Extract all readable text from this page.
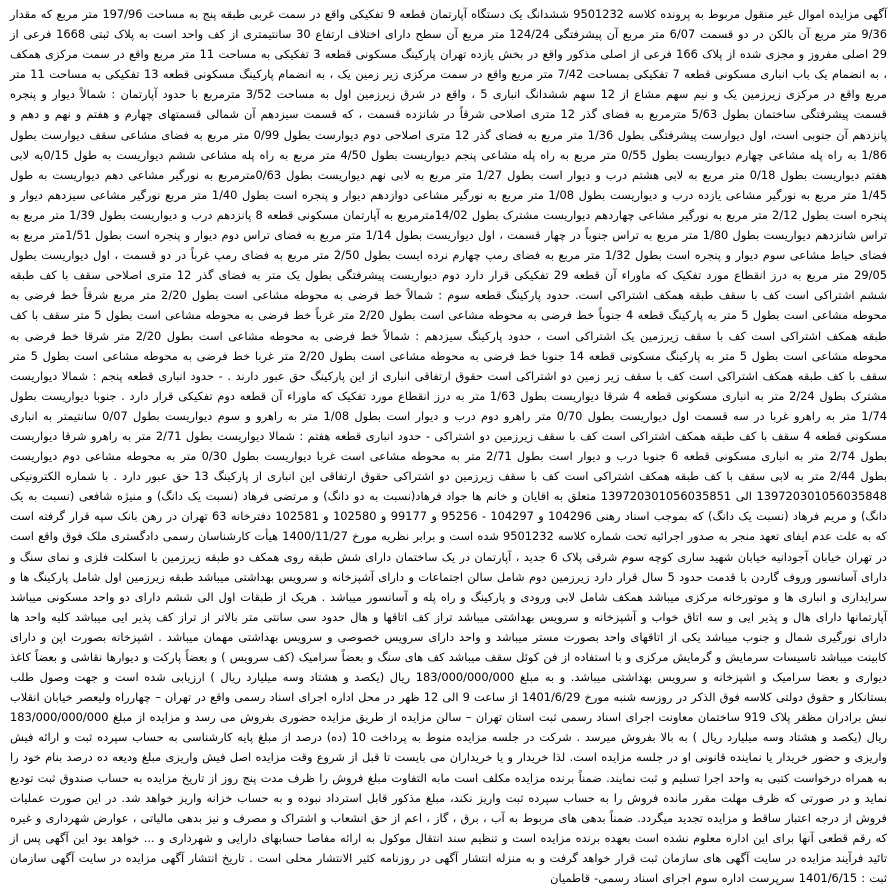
آگهی مزایده اموال غیر منقول مربوط به پرونده کلاسه 9501232 ششدانگ یک دستگاه آپارتمان قطعه 9 تفکیکی واقع در سمت غربی طبقه پنج به مساحت 197/96 متر مربع که مقدار 9/36 متر مربع آن بالکن در دو قسمت 6/07 متر مربع آن پیشرفتگی 124/24 متر مربع آن سطح دارای اختلاف ارتفاع 30 سانتیمتری از کف واحد است به پلاک ثبتی 1668 فرعی از 29 اصلی مفروز و مجزی شده از پلاک 166 فرعی از اصلی مذکور واقع در بخش یازده تهران پارکینگ مسکونی قطعه 3 تفکیکی به مساحت 11 متر مربع واقع در سمت مرکزی همکف ، به انضمام یک باب انباری مسکونی قطعه 7 تفکیکی بمساحت 7/42 متر مربع واقع در سمت مرکزی زیر زمین یک ، به انضمام پارکینگ مسکونی قطعه 13 تفکیکی به مساحت 11 متر مربع واقع در مرکزی زیرزمین یک و نیم سهم مشاع از 12 سهم ششدانگ انباری 5 ، واقع در شرق زیرزمین اول به مساحت 3/52 مترمربع با حدود آپارتمان : شمالاً دیوار و پنجره قسمت پیشرفتگی ساختمان بطول 5/63 مترمربع به فضای گذر 12 متری اصلاحی شرقاً در شانزده قسمت ، که قسمت سیزدهم آن شمالی قسمتهای چهارم و هفتم و نهم و دهم و پانزدهم آن جنوبی است، اول دیوارست پیشرفتگی بطول 1/36 متر مربع به فضای گذر 12 متری اصلاحی دوم دیوارست بطول 0/99 متر مربع به فضای مشاعی سقف دیوارست بطول 1/86 به راه پله مشاعی چهارم دیواریست بطول 0/55 متر مربع به راه پله مشاعی پنجم دیواریست بطول 4/50 متر مربع به راه پله مشاعی ششم دیواریست به طول 0/15به لابی هفتم دیواریست بطول 0/18 متر مربع به لابی هشتم درب و دیوار است بطول 1/27 متر مربع به لابی نهم دیواریست بطول 0/63مترمربع به نورگیر مشاعی دهم دیواریست به طول 1/45 متر مربع به نورگیر مشاعی یازده درب و دیواریست بطول 1/08 متر مربع به نورگیر مشاعی دوازدهم دیوار و پنجره است بطول 1/40 متر مربع نورگیر مشاعی سیزدهم دیوار و پنجره است بطول 2/12 متر مربع به نورگیر مشاعی چهاردهم دیواریست مشترک بطول 14/02مترمربع به آپارتمان مسکونی قطعه 8 پانزدهم درب و دیواریست بطول 1/39 متر مربع به تراس شانزدهم دیواریست بطول 1/80 متر مربع به تراس جنوباً در چهار قسمت ، اول دیواریست بطول 1/14 متر مربع به فضای تراس دوم دیوار و پنجره است بطول 1/51متر مربع به فضای حیاط مشاعی سوم دیوار و پنجره است بطول 1/32 متر مربع به فضای رمپ چهارم نرده ایست بطول 2/50 متر مربع به فضای رمپ غرباً در دو قسمت ، اول دیواریست بطول 29/05 متر مربع به درز انقطاع مورد تفکیک که ماوراء آن قطعه 29 تفکیکی قرار دارد دوم دیواریست پیشرفتگی بطول یک متر به فضای گذر 12 متری اصلاحی سقف با کف طبقه ششم اشتراکی است کف با سقف طبقه همکف اشتراکی است. حدود پارکینگ قطعه سوم : شمالاً خط فرضی به محوطه مشاعی است بطول 2/20 متر مربع شرقاً خط فرضی به محوطه مشاعی است بطول 5 متر به پارکینگ قطعه 4 جنوباً خط فرضی به محوطه مشاعی است بطول 2/20 متر غرباً خط فرضی به محوطه مشاعی است بطول 5 متر سقف با کف طبقه همکف اشتراکی است کف با سقف زیرزمین یک اشتراکی است ، حدود پارکینگ سیزدهم : شمالاً خط فرضی به محوطه مشاعی است بطول 2/20 متر شرقا خط فرضی به محوطه مشاعی است بطول 5 متر به پارکینگ مسکونی قطعه 14 جنوبا خط فرضی به محوطه مشاعی است بطول 2/20 متر غربا خط فرضی به محوطه مشاعی است بطول 5 متر سقف با کف طبقه همکف اشتراکی است کف با سقف زیر زمین دو اشتراکی است حقوق ارتفاقی انباری از این پارکینگ حق عبور دارند . - حدود انباری قطعه پنجم : شمالا دیواریست مشترک بطول 2/24 متر به انباری مسکونی قطعه 4 شرقا دیواریست بطول 1/63 متر به درز انقطاع مورد تفکیک که ماوراء آن قطعه دوم تفکیکی قرار دارد . جنوبا دیواریست بطول 1/74 متر به راهرو غربا در سه قسمت اول دیواریست بطول 0/70 متر راهرو دوم درب و دیوار است بطول 1/08 متر به راهرو و سوم دیواریست بطول 0/07 سانتیمتر به انباری مسکونی قطعه 4 سقف با کف طبقه همکف اشتراکی است کف با سقف زیرزمین دو اشتراکی - حدود انباری قطعه هفتم : شمالا دیواریست بطول 2/71 متر به راهرو شرقا دیواریست بطول 2/74 متر به انباری مسکونی قطعه 6 جنوبا درب و دیوار است بطول 2/71 متر به محوطه مشاعی است غربا دیواریست بطول 0/30 متر به محوطه مشاعی دوم دیواریست بطول 2/44 متر به لابی سقف با کف طبقه همکف اشتراکی است کف با سقف زیرزمین دو اشتراکی حقوق ارتفاقی این انباری از پارکینگ 13 حق عبور دارد . با شماره الکترونیکی 139720301056035848 الی 139720301056035851 متعلق به اقایان و خانم ها جواد فرهاد(نسبت به دو دانگ) و مرتضی فرهاد (نسبت یک دانگ) و منیژه شافعی (نسبت به یک دانگ) و مریم فرهاد (نسبت یک دانگ) که بموجب اسناد رهنی 104296 و 104297 - 95256 و 99177 و 102580 و 102581 دفترخانه 63 تهران در رهن بانک سپه قرار گرفته است که به علت عدم ایفای تعهد منجر به صدور اجرائیه تحت شماره کلاسه 9501232 شده است و برابر نظریه مورخ 1400/11/27 هیأت کارشناسان رسمی دادگستری ملک فوق واقع است در تهران خیابان آجودانیه خیابان شهید ساری کوچه سوم شرقی پلاک 6 جدید ، آپارتمان در یک ساختمان دارای شش طبقه روی همکف دو طبقه زیرزمین با اسکلت فلزی و نمای سنگ و دارای آسانسور وروف گاردن با قدمت حدود 5 سال قرار دارد زیرزمین دوم شامل سالن اجتماعات و دارای آشپزخانه و سرویس بهداشتی میباشد طبقه زیرزمین اول شامل پارکینگ ها و سرایداری و انباری ها و موتورخانه مرکزی میباشد همکف شامل لابی ورودی و پارکینگ و راه پله و آسانسور میباشد . هریک از طبقات اول الی ششم دارای دو واحد مسکونی میباشد آپارتمانها دارای هال و پذیر ایی و سه اتاق خواب و آشپزخانه و سرویس بهداشتی میباشد تراز کف اتاقها و هال حدود سی سانتی متر بالاتر از تراز کف پذیر ایی میباشد کلیه واحد ها دارای نورگیری شمال و جنوب میباشد یکی از اتاقهای واحد بصورت مستر میباشد و واحد دارای سرویس خصوصی و سرویس بهداشتی مهمان میباشد . اشپزخانه بصورت اپن و دارای کابینت میباشد تاسیسات سرمایش و گرمایش مرکزی و با استفاده از فن کوئل سقف میباشد کف های سنگ و بعضاً سرامیک (کف سرویس ) و بعضاً پارکت و دیوارها نقاشی و بعضاً کاغذ دیواری و بعضا سرامیک و اشپزخانه و سرویس بهداشتی میباشد. و به مبلغ 183/000/000/000 ریال (یکصد و هشتاد وسه میلیارد ریال ) ارزیابی شده است و جهت وصول طلب بستانکار و حقوق دولتی کلاسه فوق الذکر در روزسه شنبه مورخ 1401/6/29 از ساعت 9 الی 12 ظهر در محل اداره اجرای اسناد رسمی واقع در تهران – چهارراه ولیعصر خیابان انقلاب نبش برادران مظفر پلاک 919 ساختمان معاونت اجرای اسناد رسمی ثبت استان تهران – سالن مزایده از طریق مزایده حضوری بفروش می رسد و مزایده از مبلغ 183/000/000/000 ریال (یکصد و هشتاد وسه میلیارد ریال ) به بالا بفروش میرسد . شرکت در جلسه مزایده منوط به پرداخت 10 (ده) درصد از مبلغ پایه کارشناسی به حساب سپرده ثبت و ارائه فیش واریزی و حضور خریدار یا نماینده قانونی او در جلسه مزایده است. لذا خریدار و یا خریداران می بایست تا قبل از شروع وقت مزایده اصل فیش واریزی مبلغ ودیعه ده درصد بنام خود را به همراه درخواست کتبی به واحد اجرا تسلیم و ثبت نمایند. ضمناً برنده مزایده مکلف است مابه التفاوت مبلغ فروش را ظرف مدت پنج روز از تاریخ مزایده به حساب صندوق ثبت تودیع نماید و در صورتی که ظرف مهلت مقرر مانده فروش را به حساب سپرده ثبت واریز نکند، مبلغ مذکور قابل استرداد نبوده و به حساب خزانه واریز خواهد شد. در این صورت عملیات فروش از درجه اعتبار ساقط و مزایده تجدید میگردد. ضمناً بدهی های مربوط به آب ، برق ، گاز ، اعم از حق انشعاب و اشتراک و مصرف و نیز بدهی مالیاتی ، عوارض شهرداری و غیره که رقم قطعی آنها برای این اداره معلوم نشده است بعهده برنده مزایده است و تنظیم سند انتقال موکول به ارائه مفاصا حسابهای دارایی و شهرداری و ... خواهد بود این آگهی پس از تائید فرآیند مزایده در سایت آگهی های سازمان ثبت قرار خواهد گرفت و به منزله انتشار آگهی در روزنامه کثیر الانتشار محلی است . تاریخ انتشار آگهی مزایده در سایت آگهی سازمان ثبت : 1401/6/15 سرپرست اداره سوم اجرای اسناد رسمی- قاطمیان
